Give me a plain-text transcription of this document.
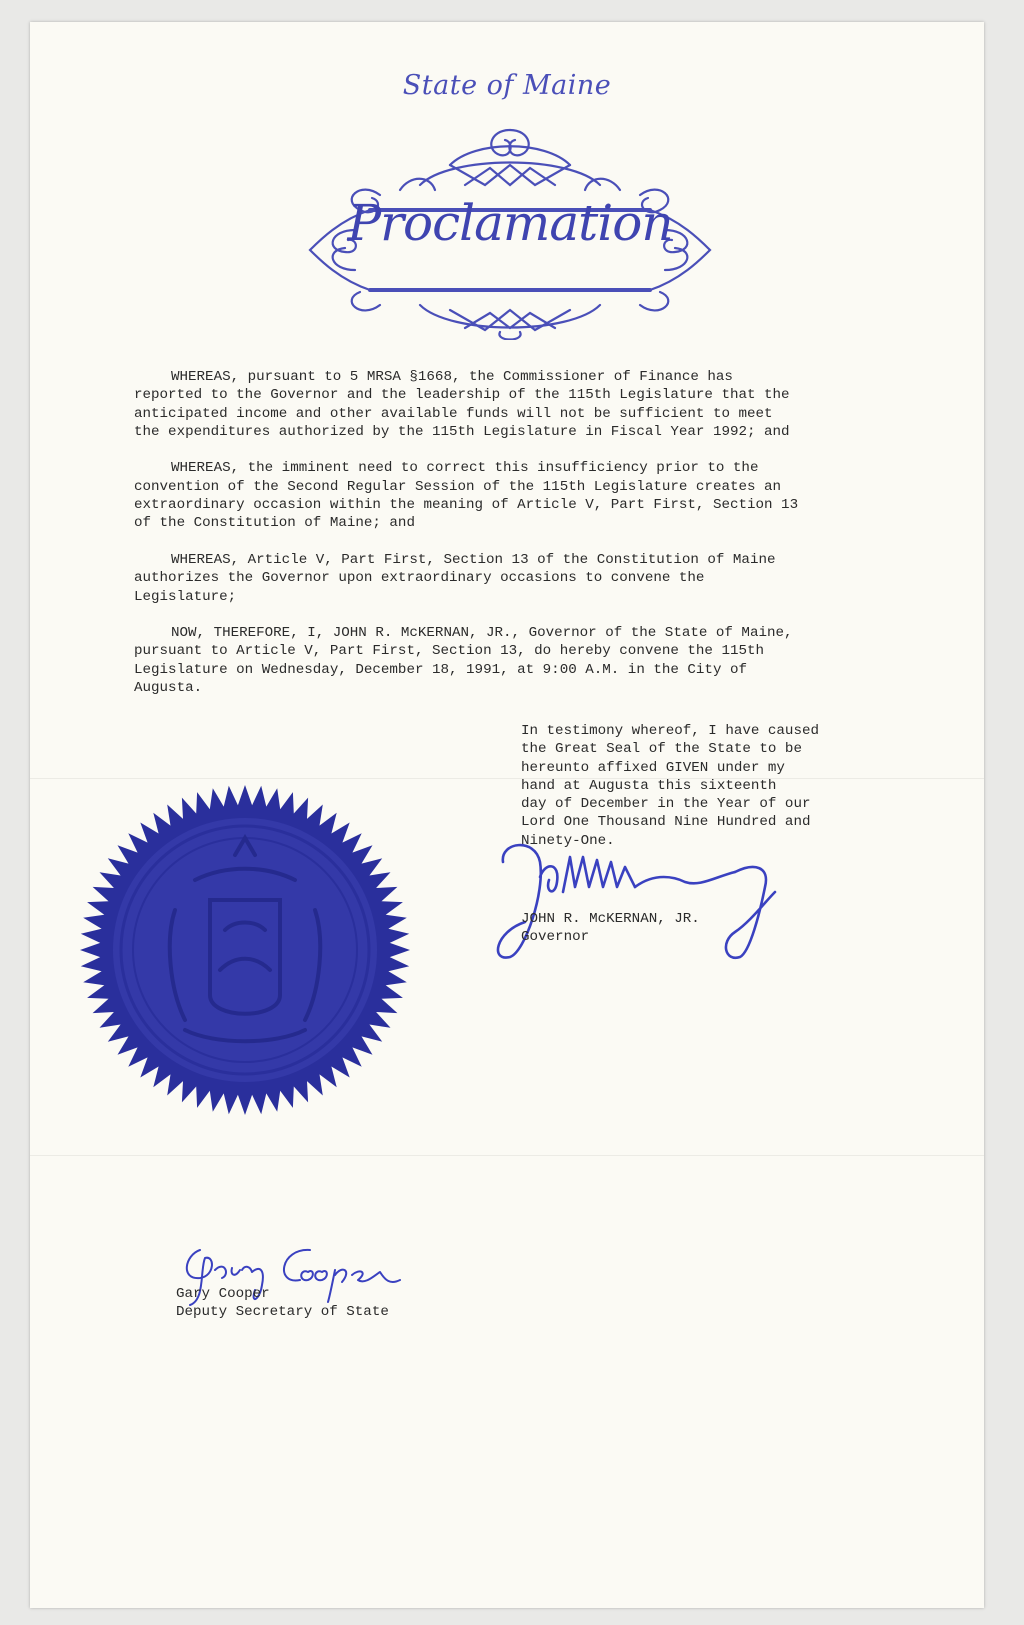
State of Maine
Proclamation

WHEREAS, pursuant to 5 MRSA §1668, the Commissioner of Finance has
reported to the Governor and the leadership of the 115th Legislature that the
anticipated income and other available funds will not be sufficient to meet
the expenditures authorized by the 115th Legislature in Fiscal Year 1992; and

WHEREAS, the imminent need to correct this insufficiency prior to the
convention of the Second Regular Session of the 115th Legislature creates an
extraordinary occasion within the meaning of Article V, Part First, Section 13
of the Constitution of Maine; and

WHEREAS, Article V, Part First, Section 13 of the Constitution of Maine
authorizes the Governor upon extraordinary occasions to convene the
Legislature;

NOW, THEREFORE, I, JOHN R. McKERNAN, JR., Governor of the State of Maine,
pursuant to Article V, Part First, Section 13, do hereby convene the 115th
Legislature on Wednesday, December 18, 1991, at 9:00 A.M. in the City of
Augusta.

In testimony whereof, I have caused
the Great Seal of the State to be
hereunto affixed GIVEN under my
hand at Augusta this sixteenth
day of December in the Year of our
Lord One Thousand Nine Hundred and
Ninety-One.
John McKernan
JOHN R. McKERNAN, JR.
Governor
Gary Cooper
Gary Cooper
Deputy Secretary of State
